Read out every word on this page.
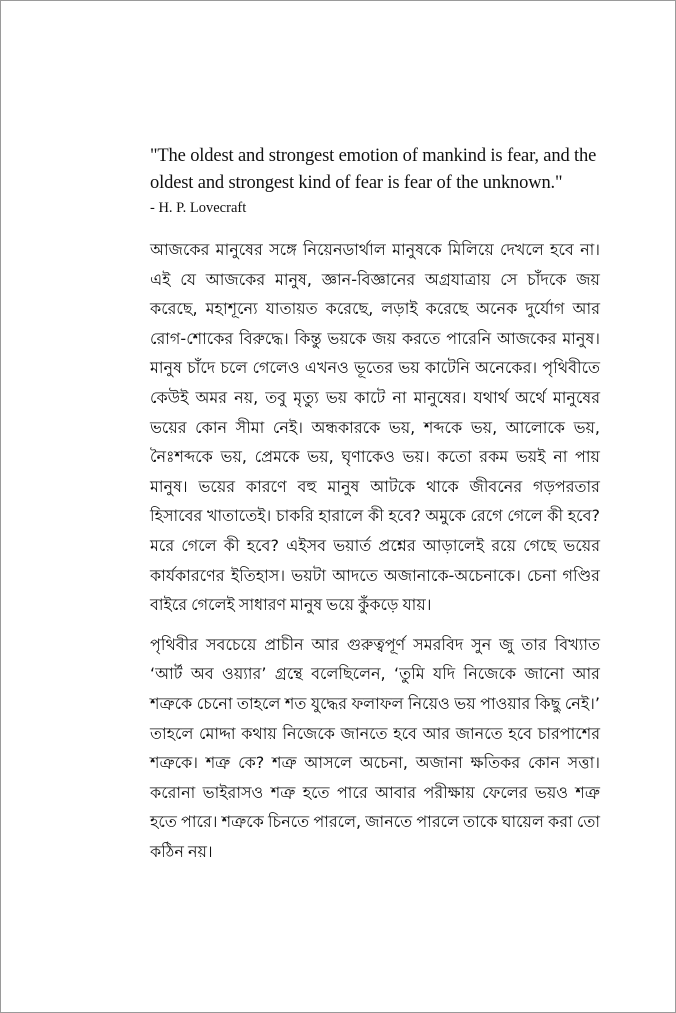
"The oldest and strongest emotion of mankind is fear, and the oldest and strongest kind of fear is fear of the unknown."

- H. P. Lovecraft

আজকের মানুষের সঙ্গে নিয়েনডার্থাল মানুষকে মিলিয়ে দেখলে হবে না। এই যে আজকের মানুষ, জ্ঞান-বিজ্ঞানের অগ্রযাত্রায় সে চাঁদকে জয় করেছে, মহাশূন্যে যাতায়ত করেছে, লড়াই করেছে অনেক দুর্যোগ আর রোগ-শোকের বিরুদ্ধে। কিন্তু ভয়কে জয় করতে পারেনি আজকের মানুষ। মানুষ চাঁদে চলে গেলেও এখনও ভূতের ভয় কাটেনি অনেকের। পৃথিবীতে কেউই অমর নয়, তবু মৃত্যু ভয় কাটে না মানুষের। যথার্থ অর্থে মানুষের ভয়ের কোন সীমা নেই। অন্ধকারকে ভয়, শব্দকে ভয়, আলোকে ভয়, নৈঃশব্দকে ভয়, প্রেমকে ভয়, ঘৃণাকেও ভয়। কতো রকম ভয়ই না পায় মানুষ। ভয়ের কারণে বহু মানুষ আটকে থাকে জীবনের গড়পরতার হিসাবের খাতাতেই। চাকরি হারালে কী হবে? অমুকে রেগে গেলে কী হবে? মরে গেলে কী হবে? এইসব ভয়ার্ত প্রশ্নের আড়ালেই রয়ে গেছে ভয়ের কার্যকারণের ইতিহাস। ভয়টা আদতে অজানাকে-অচেনাকে। চেনা গণ্ডির বাইরে গেলেই সাধারণ মানুষ ভয়ে কুঁকড়ে যায়।

পৃথিবীর সবচেয়ে প্রাচীন আর গুরুত্বপূর্ণ সমরবিদ সুন জু তার বিখ্যাত ‘আর্ট অব ওয়্যার’ গ্রন্থে বলেছিলেন, ‘তুমি যদি নিজেকে জানো আর শত্রুকে চেনো তাহলে শত যুদ্ধের ফলাফল নিয়েও ভয় পাওয়ার কিছু নেই।’ তাহলে মোদ্দা কথায় নিজেকে জানতে হবে আর জানতে হবে চারপাশের শত্রুকে। শত্রু কে? শত্রু আসলে অচেনা, অজানা ক্ষতিকর কোন সত্তা। করোনা ভাইরাসও শত্রু হতে পারে আবার পরীক্ষায় ফেলের ভয়ও শত্রু হতে পারে। শত্রুকে চিনতে পারলে, জানতে পারলে তাকে ঘায়েল করা তো কঠিন নয়।
